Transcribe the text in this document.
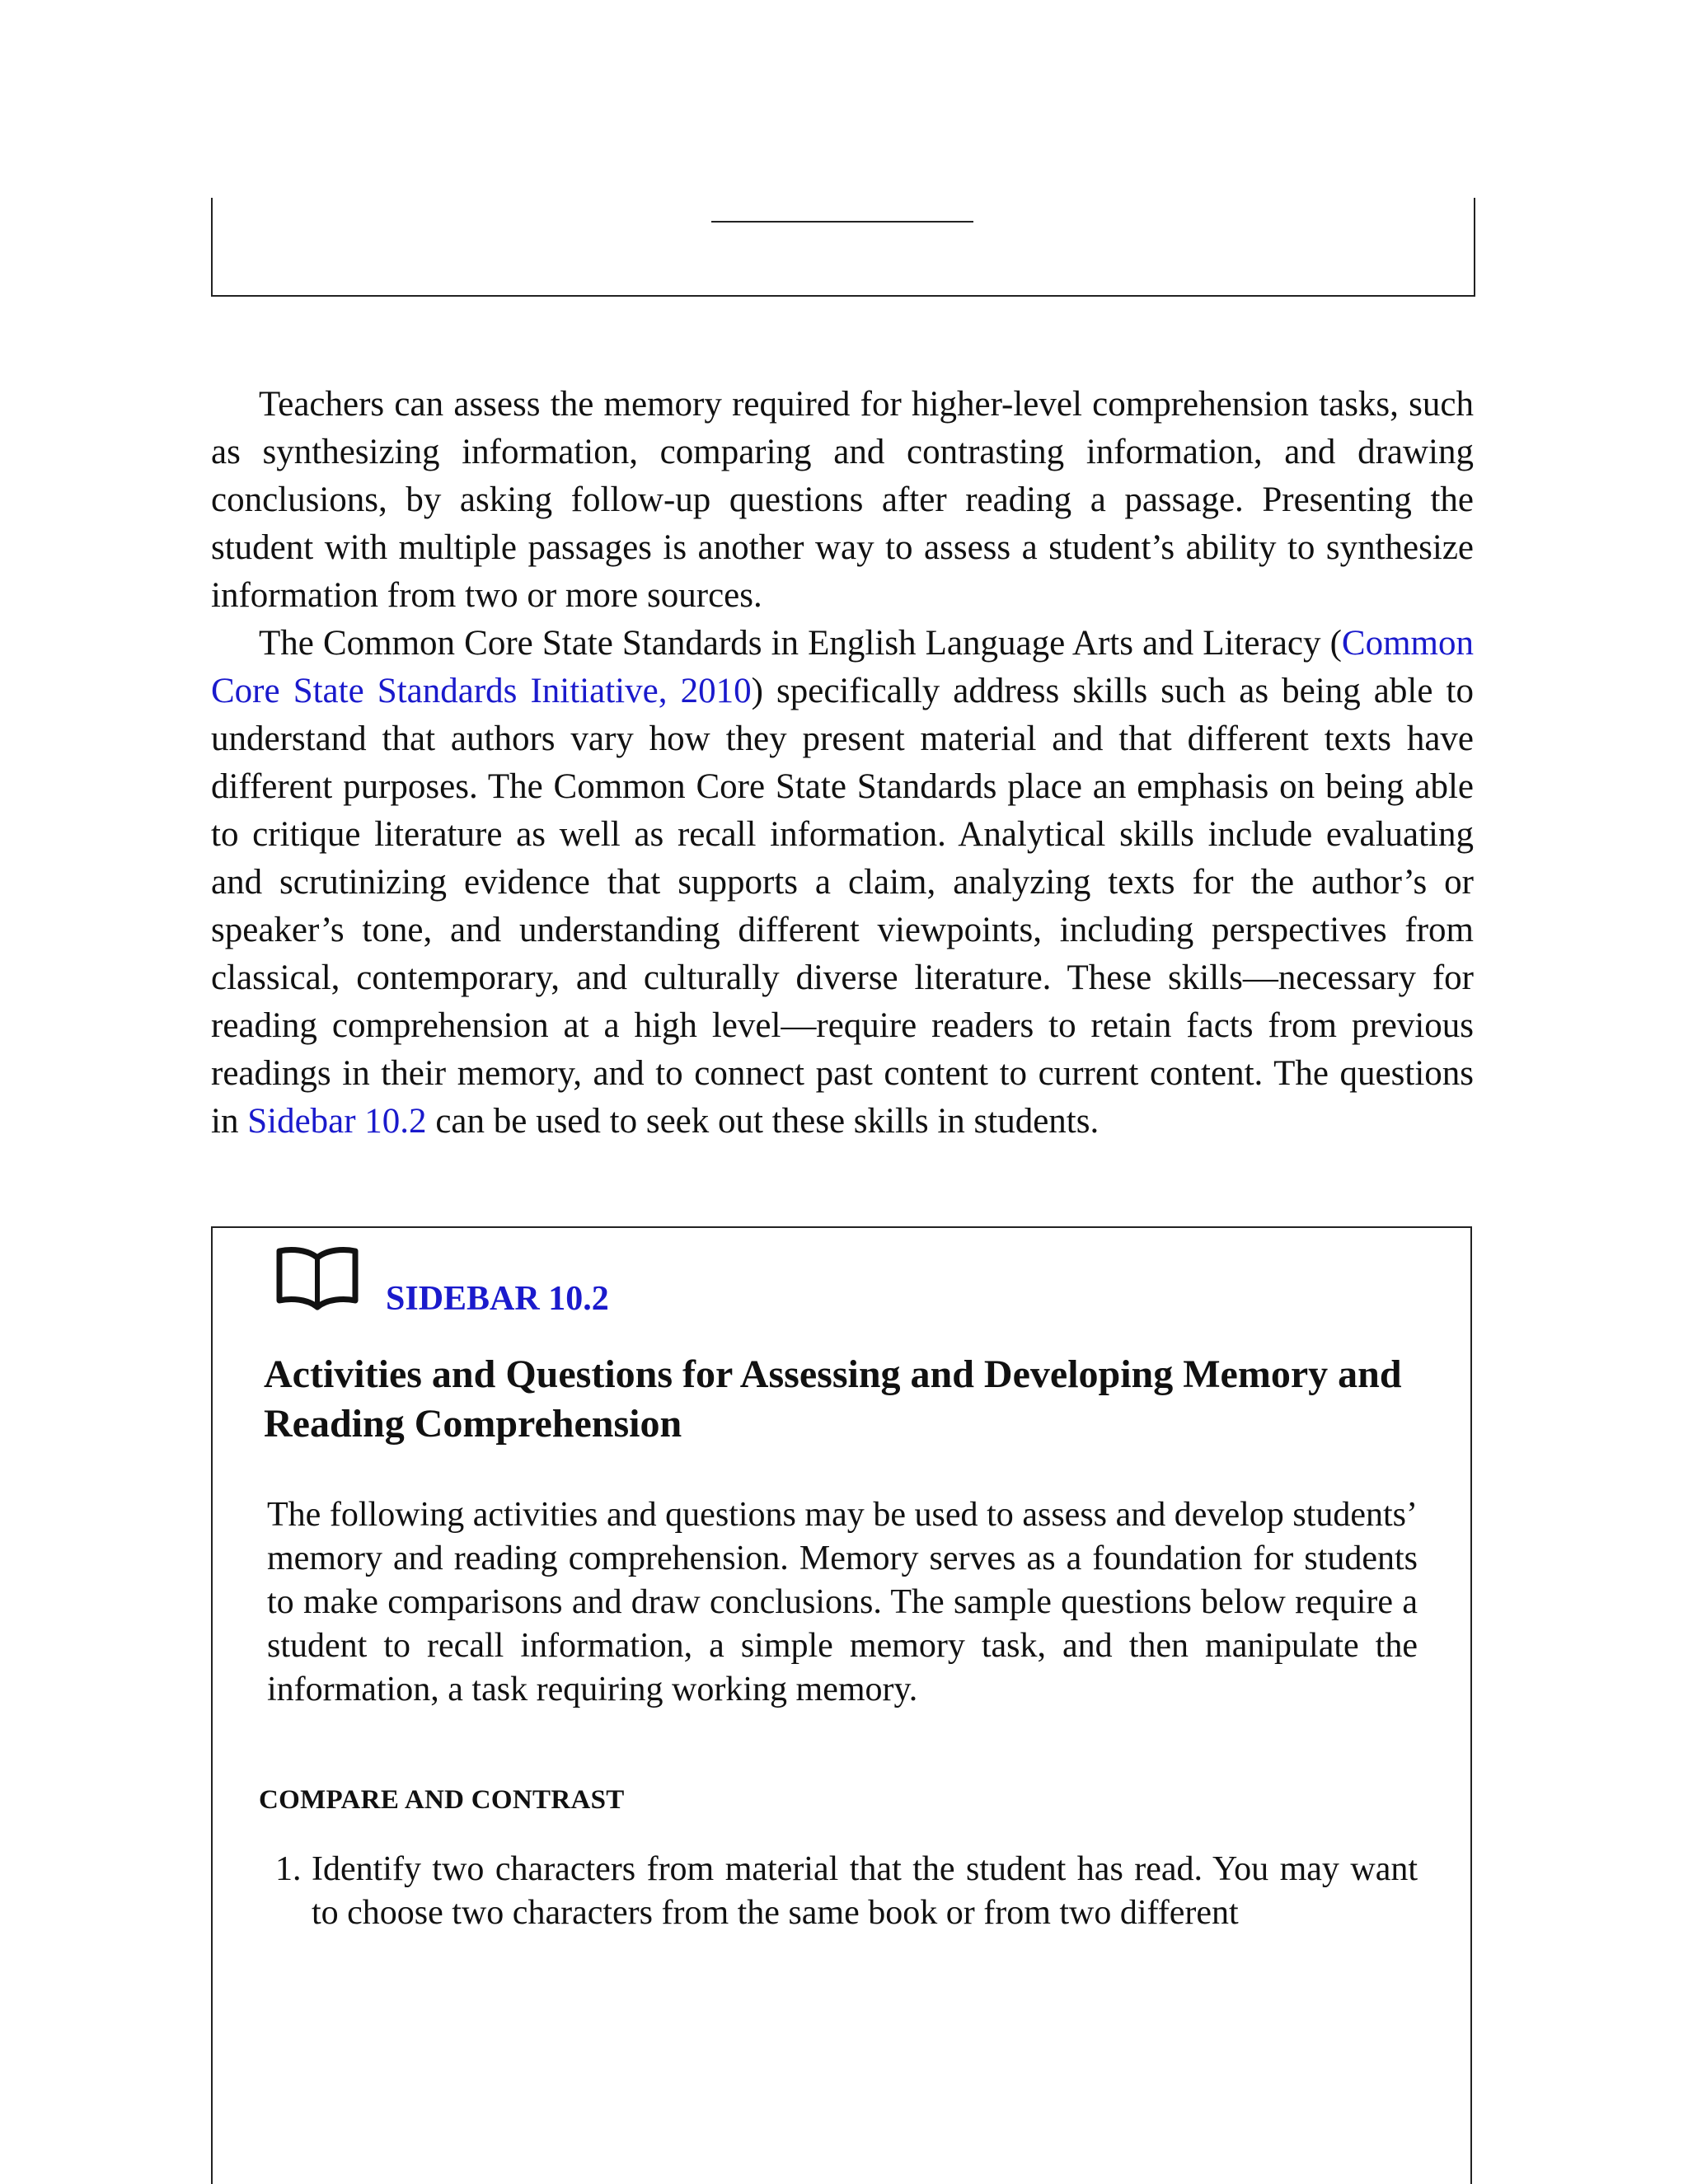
Teachers can assess the memory required for higher-level comprehension tasks, such as synthesizing information, comparing and contrasting information, and drawing conclusions, by asking follow-up questions after reading a passage. Presenting the student with multiple passages is another way to assess a student’s ability to synthesize information from two or more sources.

The Common Core State Standards in English Language Arts and Literacy (Common Core State Standards Initiative, 2010) specifically address skills such as being able to understand that authors vary how they present material and that different texts have different purposes. The Common Core State Standards place an emphasis on being able to critique literature as well as recall information. Analytical skills include evaluating and scrutinizing evidence that supports a claim, analyzing texts for the author’s or speaker’s tone, and understanding different viewpoints, including perspectives from classical, contemporary, and culturally diverse literature. These skills—necessary for reading comprehension at a high level—require readers to retain facts from previous readings in their memory, and to connect past content to current content. The questions in Sidebar 10.2 can be used to seek out these skills in students.

SIDEBAR 10.2
Activities and Questions for Assessing and Developing Memory and Reading Comprehension

The following activities and questions may be used to assess and develop students’ memory and reading comprehension. Memory serves as a foundation for students to make comparisons and draw conclusions. The sample questions below require a student to recall information, a simple memory task, and then manipulate the information, a task requiring working memory.

COMPARE AND CONTRAST
1. Identify two characters from material that the student has read. You may want to choose two characters from the same book or from two different
